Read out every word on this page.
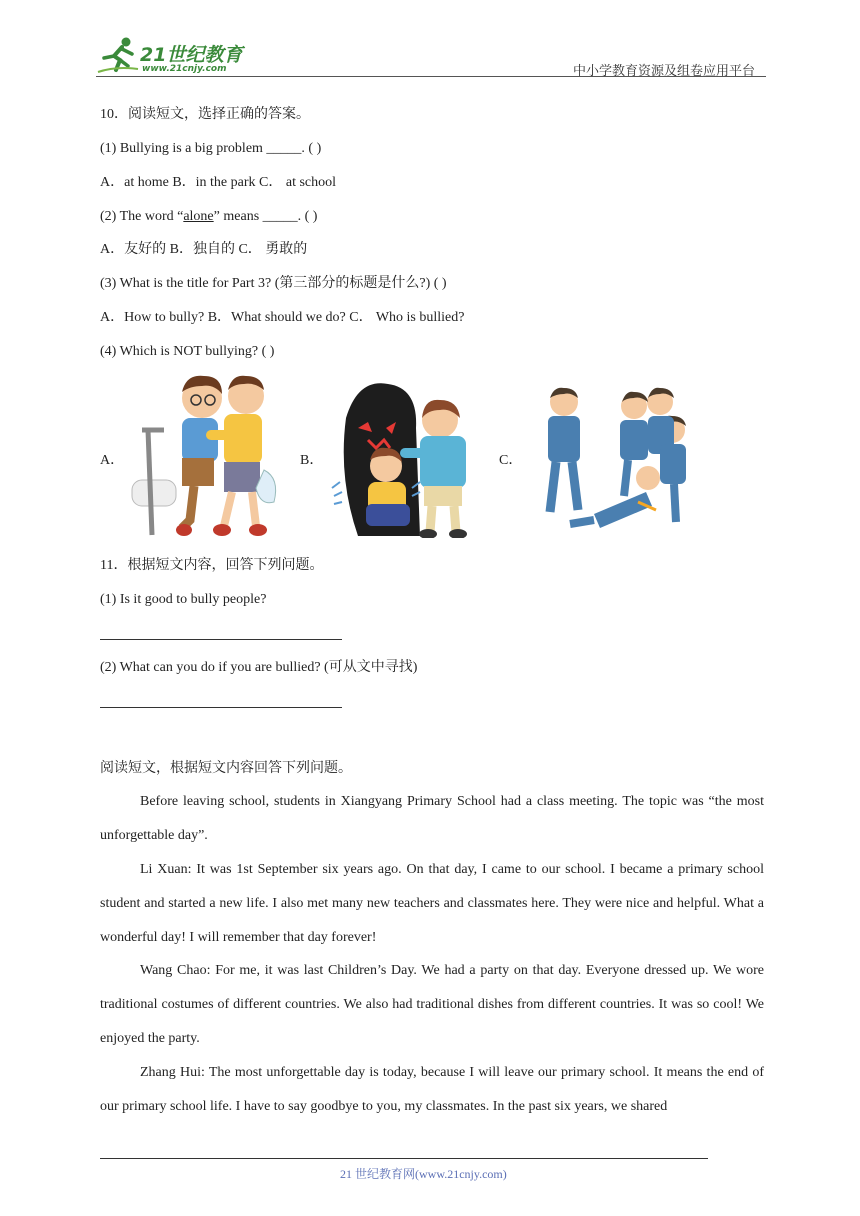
21世纪教育
www.21cnjy.com	中小学教育资源及组卷应用平台
10．阅读短文，选择正确的答案。
(1) Bullying is a big problem _____. ( )
A．at home B．in the park C． at school
(2) The word “alone” means _____. ( )
A．友好的 B．独自的 C． 勇敢的
(3) What is the title for Part 3? (第三部分的标题是什么?) ( )
A．How to bully? B．What should we do? C． Who is bullied?
(4) Which is NOT bullying? ( )
A．	B．	C．
11．根据短文内容，回答下列问题。
(1) Is it good to bully people?
(2) What can you do if you are bullied? (可从文中寻找)
阅读短文，根据短文内容回答下列问题。
Before leaving school, students in Xiangyang Primary School had a class meeting. The topic was “the most unforgettable day”.
Li Xuan: It was 1st September six years ago. On that day, I came to our school. I became a primary school student and started a new life. I also met many new teachers and classmates here. They were nice and helpful. What a wonderful day! I will remember that day forever!
Wang Chao: For me, it was last Children’s Day. We had a party on that day. Everyone dressed up. We wore traditional costumes of different countries. We also had traditional dishes from different countries. It was so cool! We enjoyed the party.
Zhang Hui: The most unforgettable day is today, because I will leave our primary school. It means the end of our primary school life. I have to say goodbye to you, my classmates. In the past six years, we shared
21 世纪教育网(www.21cnjy.com)
